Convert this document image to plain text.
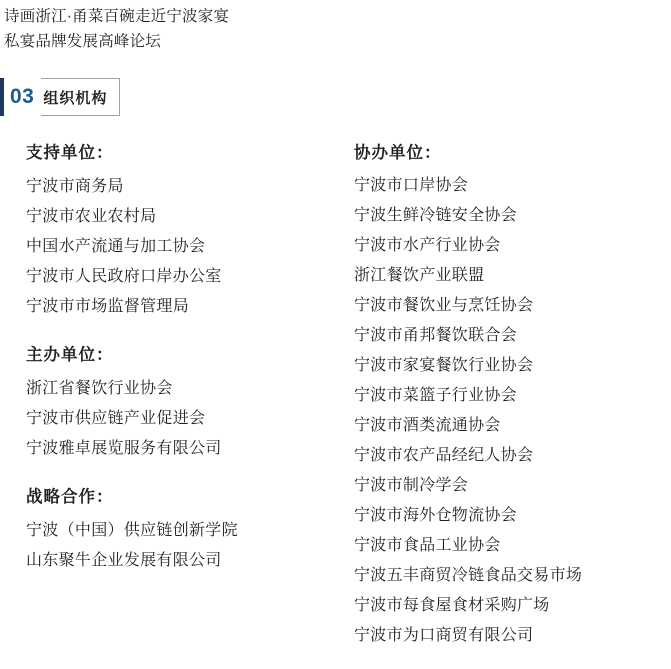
诗画浙江·甬菜百碗走近宁波家宴
私宴品牌发展高峰论坛
03 组织机构
支持单位：
宁波市商务局
宁波市农业农村局
中国水产流通与加工协会
宁波市人民政府口岸办公室
宁波市市场监督管理局
主办单位：
浙江省餐饮行业协会
宁波市供应链产业促进会
宁波雅卓展览服务有限公司
战略合作：
宁波（中国）供应链创新学院
山东聚牛企业发展有限公司
协办单位：
宁波市口岸协会
宁波生鲜冷链安全协会
宁波市水产行业协会
浙江餐饮产业联盟
宁波市餐饮业与烹饪协会
宁波市甬邦餐饮联合会
宁波市家宴餐饮行业协会
宁波市菜篮子行业协会
宁波市酒类流通协会
宁波市农产品经纪人协会
宁波市制冷学会
宁波市海外仓物流协会
宁波市食品工业协会
宁波五丰商贸冷链食品交易市场
宁波市每食屋食材采购广场
宁波市为口商贸有限公司
